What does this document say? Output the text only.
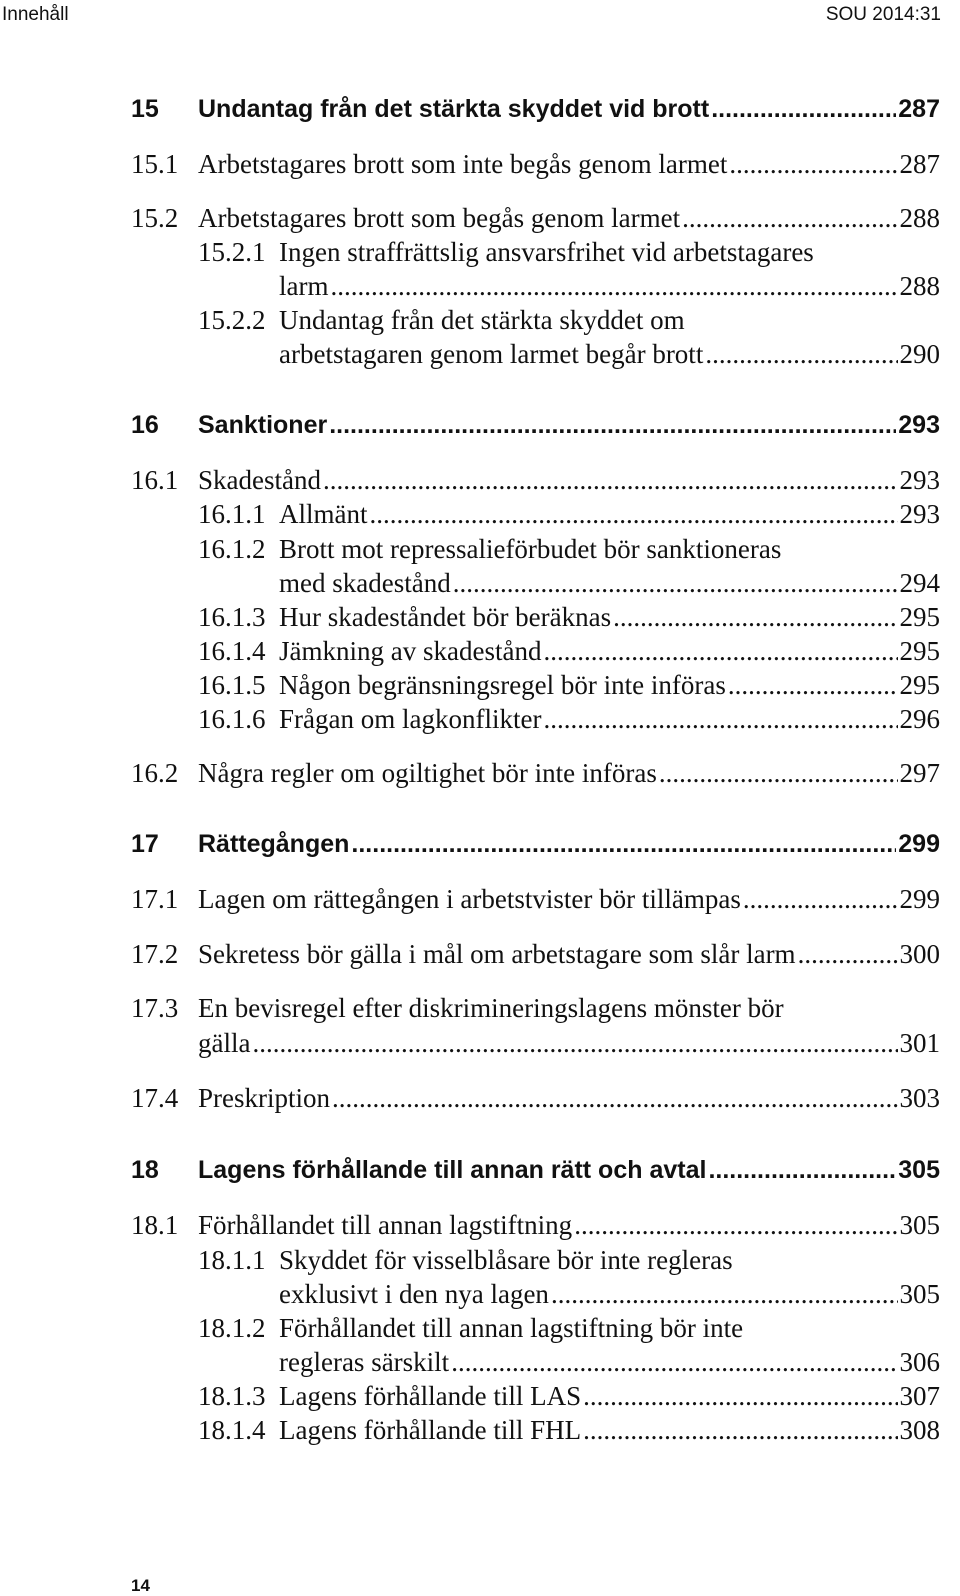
Innehåll	SOU 2014:31
15 Undantag från det stärkta skyddet vid brott .....	287
15.1 Arbetstagares brott som inte begås genom larmet .....	287
15.2 Arbetstagares brott som begås genom larmet .....	288
15.2.1 Ingen straffrättslig ansvarsfrihet vid arbetstagares
larm .....	288
15.2.2 Undantag från det stärkta skyddet om
arbetstagaren genom larmet begår brott .....	290
16 Sanktioner .....	293
16.1 Skadestånd .....	293
16.1.1 Allmänt .....	293
16.1.2 Brott mot repressalieförbudet bör sanktioneras
med skadestånd .....	294
16.1.3 Hur skadeståndet bör beräknas .....	295
16.1.4 Jämkning av skadestånd .....	295
16.1.5 Någon begränsningsregel bör inte införas .....	295
16.1.6 Frågan om lagkonflikter .....	296
16.2 Några regler om ogiltighet bör inte införas .....	297
17 Rättegången .....	299
17.1 Lagen om rättegången i arbetstvister bör tillämpas .....	299
17.2 Sekretess bör gälla i mål om arbetstagare som slår larm .....	300
17.3 En bevisregel efter diskrimineringslagens mönster bör
gälla .....	301
17.4 Preskription .....	303
18 Lagens förhållande till annan rätt och avtal .....	305
18.1 Förhållandet till annan lagstiftning .....	305
18.1.1 Skyddet för visselblåsare bör inte regleras
exklusivt i den nya lagen .....	305
18.1.2 Förhållandet till annan lagstiftning bör inte
regleras särskilt .....	306
18.1.3 Lagens förhållande till LAS .....	307
18.1.4 Lagens förhållande till FHL .....	308
14
